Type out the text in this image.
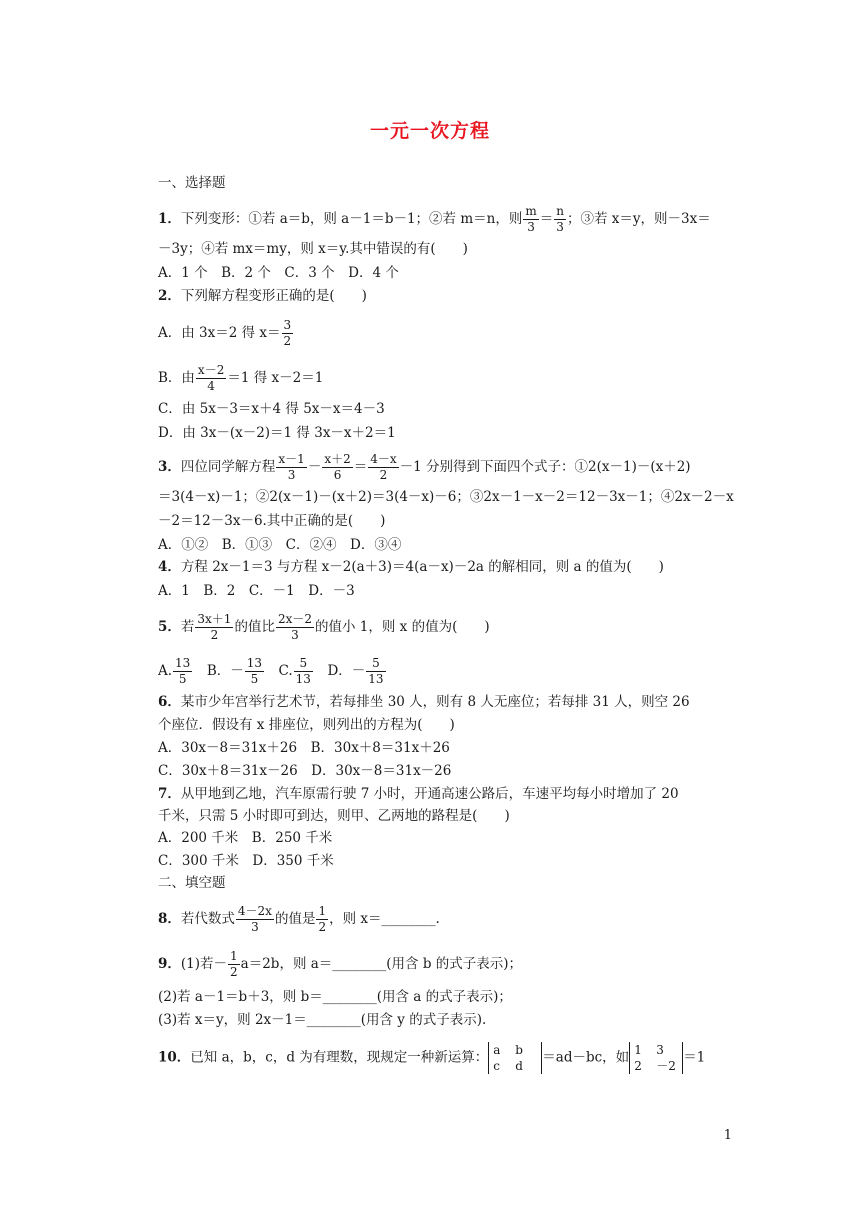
一元一次方程
一、选择题
1．下列变形：①若 a＝b，则 a－1＝b－1；②若 m＝n，则 $\frac{m}{3} = \frac{n}{3}$ ；③若 x＝y，则－3x＝
－3y；④若 mx＝my，则 x＝y.其中错误的有(　　)
A．1 个　B．2 个　C．3 个　D．4 个
2．下列解方程变形正确的是(　　)
A．由 3x＝2 得 $x= \frac{3}{2}$
B．由 $\frac{x-2}{4} =1$ 得 x－2＝1
C．由 5x－3＝x＋4 得 5x－x＝4－3
D．由 3x－(x－2)＝1 得 3x－x＋2＝1
3．四位同学解方程 $\frac{x-1}{3} - \frac{x+2}{6} = \frac{4-x}{2} -1$ 分别得到下面四个式子：①2(x－1)－(x＋2)
＝3(4－x)－1；②2(x－1)－(x＋2)＝3(4－x)－6；③2x－1－x－2＝12－3x－1；④2x－2－x
－2＝12－3x－6.其中正确的是(　　)
A．①②　B．①③　C．②④　D．③④
4．方程 2x－1＝3 与方程 x－2(a＋3)＝4(a－x)－2a 的解相同，则 a 的值为(　　)
A．1　B．2　C．－1　D．－3
5．若 $\frac{3x+1}{2}$ 的值比 $\frac{2x-2}{3}$ 的值小 1，则 x 的值为(　　)
A. $\frac{13}{5}$ 　B．－ $\frac{13}{5}$ 　C. $\frac{5}{13}$ 　D．－ $\frac{5}{13}$
6．某市少年宫举行艺术节，若每排坐 30 人，则有 8 人无座位；若每排 31 人，则空 26
个座位．假设有 x 排座位，则列出的方程为(　　)
A．30x－8＝31x＋26　B．30x＋8＝31x＋26
C．30x＋8＝31x－26　D．30x－8＝31x－26
7．从甲地到乙地，汽车原需行驶 7 小时，开通高速公路后，车速平均每小时增加了 20
千米，只需 5 小时即可到达，则甲、乙两地的路程是(　　)
A．200 千米　B．250 千米
C．300 千米　D．350 千米
二、填空题
8．若代数式 $\frac{4-2x}{3}$ 的值是 $\frac{1}{2}$ ，则 x＝________.
9．(1)若－ $\frac{1}{2} a=2b$，则 a＝________(用含 b 的式子表示)；
(2)若 a－1＝b＋3，则 b＝________(用含 a 的式子表示)；
(3)若 x＝y，则 2x－1＝________(用含 y 的式子表示).
10．已知 a，b，c，d 为有理数，现规定一种新运算： a b
c d
＝ad－bc，如 1 3
2 －2
＝1
1
